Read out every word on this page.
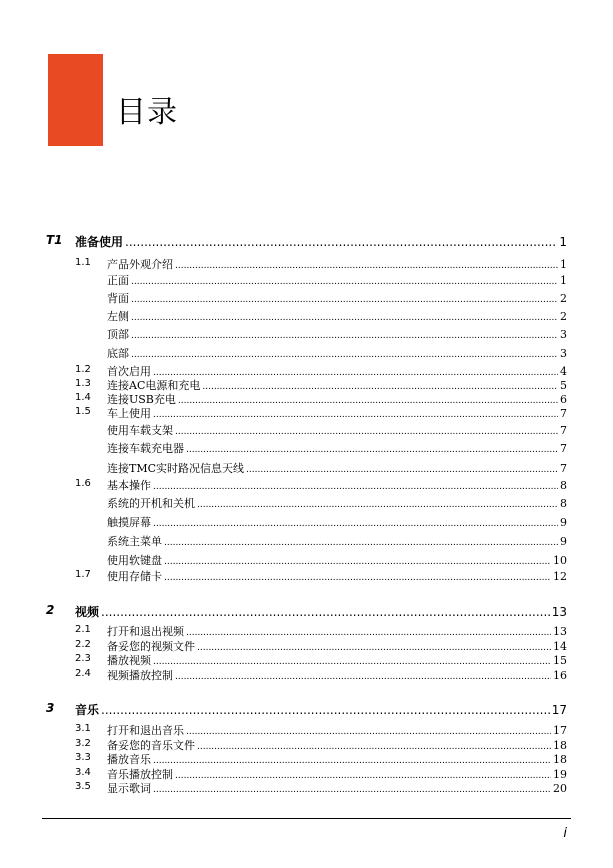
目录
T1 准备使用 .....	1
1.1 产品外观介绍 .....	1
正面 .....	1
背面 .....	2
左侧 .....	2
顶部 .....	3
底部 .....	3
1.2 首次启用 .....	4
1.3 连接AC电源和充电 .....	5
1.4 连接USB充电 .....	6
1.5 车上使用 .....	7
使用车载支架 .....	7
连接车载充电器 .....	7
连接TMC实时路况信息天线 .....	7
1.6 基本操作 .....	8
系统的开机和关机 .....	8
触摸屏幕 .....	9
系统主菜单 .....	9
使用软键盘 .....	10
1.7 使用存储卡 .....	12
2 视频 .....	13
2.1 打开和退出视频 .....	13
2.2 备妥您的视频文件 .....	14
2.3 播放视频 .....	15
2.4 视频播放控制 .....	16
3 音乐 .....	17
3.1 打开和退出音乐 .....	17
3.2 备妥您的音乐文件 .....	18
3.3 播放音乐 .....	18
3.4 音乐播放控制 .....	19
3.5 显示歌词 .....	20
i
